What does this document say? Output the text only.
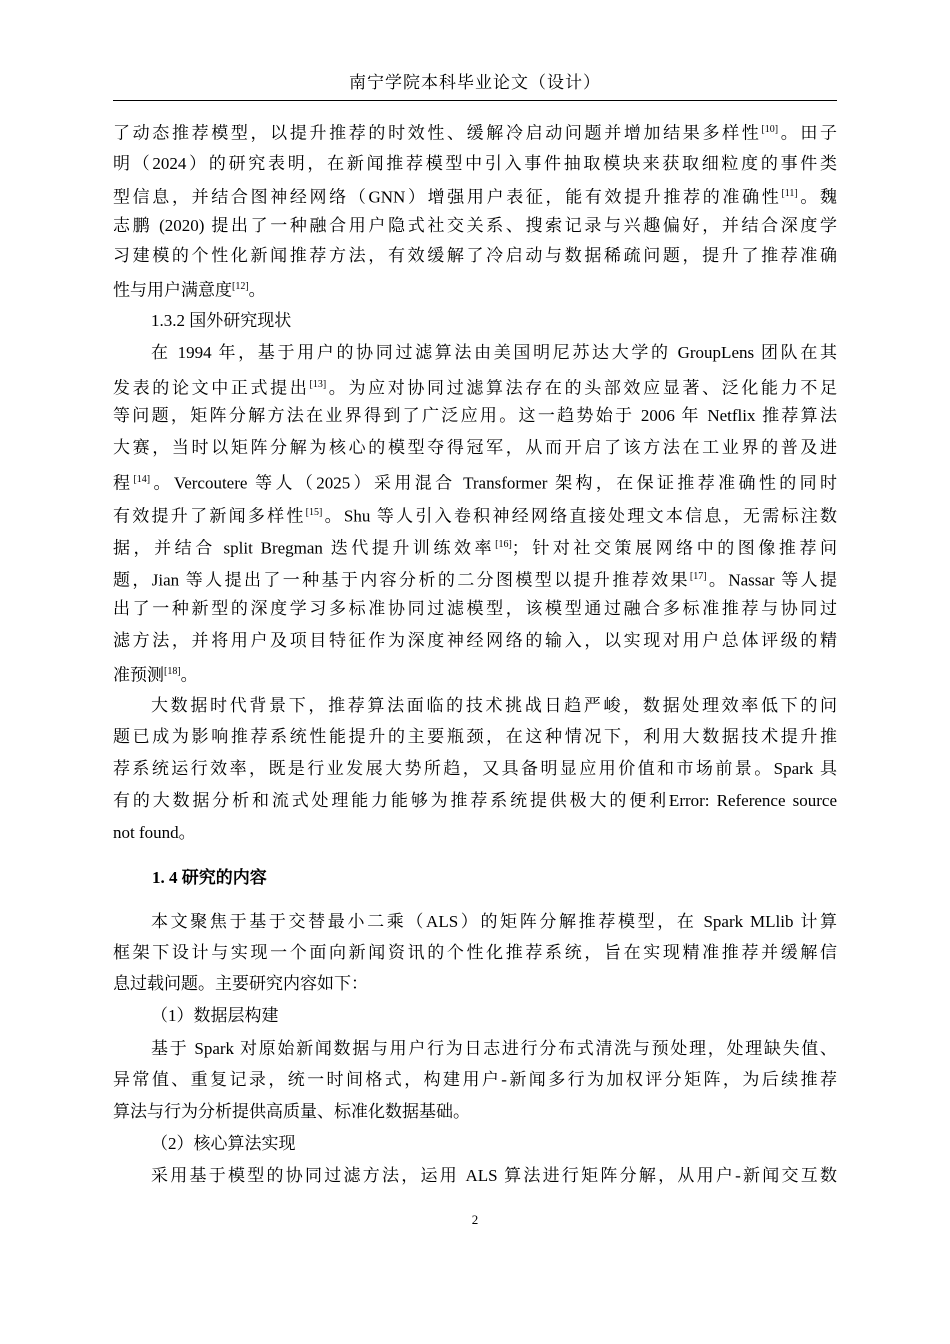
南宁学院本科毕业论文（设计）
了动态推荐模型，以提升推荐的时效性、缓解冷启动问题并增加结果多样性[10]。田子
明（2024）的研究表明，在新闻推荐模型中引入事件抽取模块来获取细粒度的事件类
型信息，并结合图神经网络（GNN）增强用户表征，能有效提升推荐的准确性[11]。魏
志鹏 (2020) 提出了一种融合用户隐式社交关系、搜索记录与兴趣偏好，并结合深度学
习建模的个性化新闻推荐方法，有效缓解了冷启动与数据稀疏问题，提升了推荐准确
性与用户满意度[12]。
1.3.2 国外研究现状
在 1994 年，基于用户的协同过滤算法由美国明尼苏达大学的 GroupLens 团队在其
发表的论文中正式提出[13]。为应对协同过滤算法存在的头部效应显著、泛化能力不足
等问题，矩阵分解方法在业界得到了广泛应用。这一趋势始于 2006 年 Netflix 推荐算法
大赛，当时以矩阵分解为核心的模型夺得冠军，从而开启了该方法在工业界的普及进
程[14]。Vercoutere 等人（2025）采用混合 Transformer 架构，在保证推荐准确性的同时
有效提升了新闻多样性[15]。Shu 等人引入卷积神经网络直接处理文本信息，无需标注数
据，并结合 split Bregman 迭代提升训练效率[16]；针对社交策展网络中的图像推荐问
题，Jian 等人提出了一种基于内容分析的二分图模型以提升推荐效果[17]。Nassar 等人提
出了一种新型的深度学习多标准协同过滤模型，该模型通过融合多标准推荐与协同过
滤方法，并将用户及项目特征作为深度神经网络的输入，以实现对用户总体评级的精
准预测[18]。
大数据时代背景下，推荐算法面临的技术挑战日趋严峻，数据处理效率低下的问
题已成为影响推荐系统性能提升的主要瓶颈，在这种情况下，利用大数据技术提升推
荐系统运行效率，既是行业发展大势所趋，又具备明显应用价值和市场前景。Spark 具
有的大数据分析和流式处理能力能够为推荐系统提供极大的便利Error: Reference source
not found。
1. 4 研究的内容
本文聚焦于基于交替最小二乘（ALS）的矩阵分解推荐模型，在 Spark MLlib 计算
框架下设计与实现一个面向新闻资讯的个性化推荐系统，旨在实现精准推荐并缓解信
息过载问题。主要研究内容如下：
（1）数据层构建
基于 Spark 对原始新闻数据与用户行为日志进行分布式清洗与预处理，处理缺失值、
异常值、重复记录，统一时间格式，构建用户-新闻多行为加权评分矩阵，为后续推荐
算法与行为分析提供高质量、标准化数据基础。
（2）核心算法实现
采用基于模型的协同过滤方法，运用 ALS 算法进行矩阵分解，从用户-新闻交互数
2
